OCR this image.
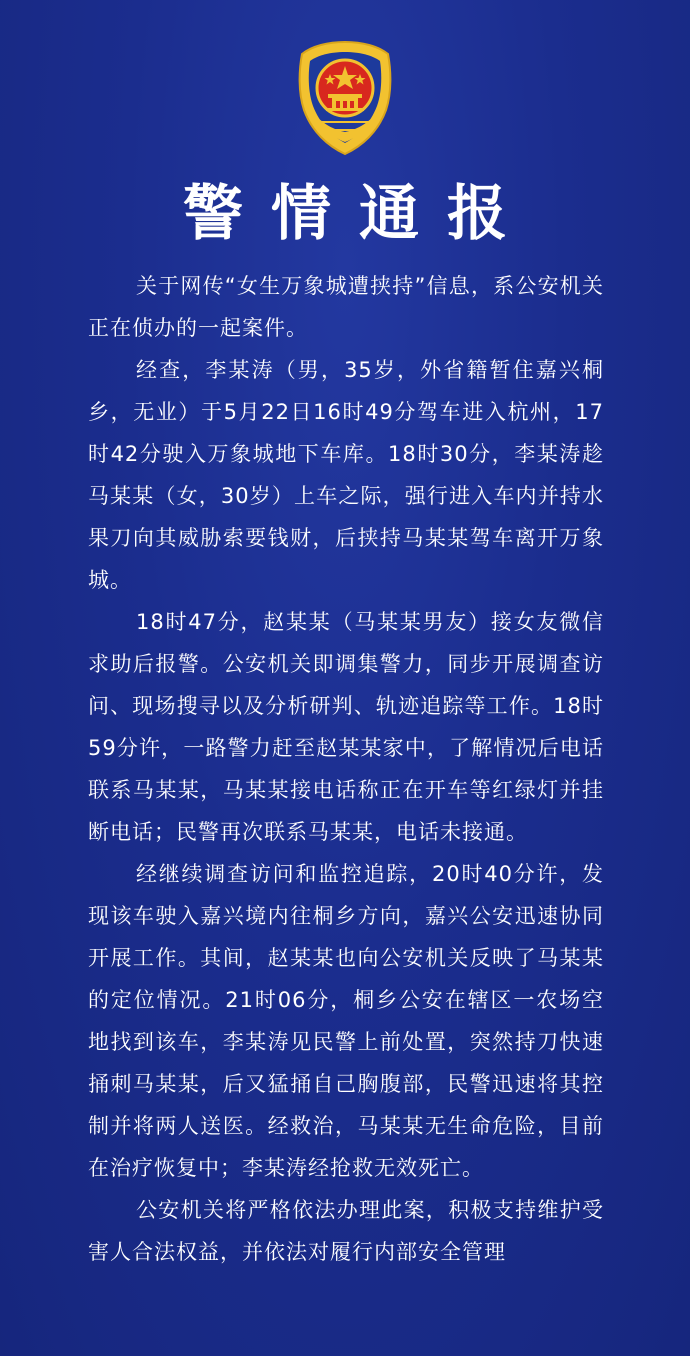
警情通报

关于网传“女生万象城遭挟持”信息，系公安机关正在侦办的一起案件。

经查，李某涛（男，35岁，外省籍暂住嘉兴桐乡，无业）于5月22日16时49分驾车进入杭州，17时42分驶入万象城地下车库。18时30分，李某涛趁马某某（女，30岁）上车之际，强行进入车内并持水果刀向其威胁索要钱财，后挟持马某某驾车离开万象城。

18时47分，赵某某（马某某男友）接女友微信求助后报警。公安机关即调集警力，同步开展调查访问、现场搜寻以及分析研判、轨迹追踪等工作。18时59分许，一路警力赶至赵某某家中，了解情况后电话联系马某某，马某某接电话称正在开车等红绿灯并挂断电话；民警再次联系马某某，电话未接通。

经继续调查访问和监控追踪，20时40分许，发现该车驶入嘉兴境内往桐乡方向，嘉兴公安迅速协同开展工作。其间，赵某某也向公安机关反映了马某某的定位情况。21时06分，桐乡公安在辖区一农场空地找到该车，李某涛见民警上前处置，突然持刀快速捅刺马某某，后又猛捅自己胸腹部，民警迅速将其控制并将两人送医。经救治，马某某无生命危险，目前在治疗恢复中；李某涛经抢救无效死亡。

公安机关将严格依法办理此案，积极支持维护受害人合法权益，并依法对履行内部安全管理
